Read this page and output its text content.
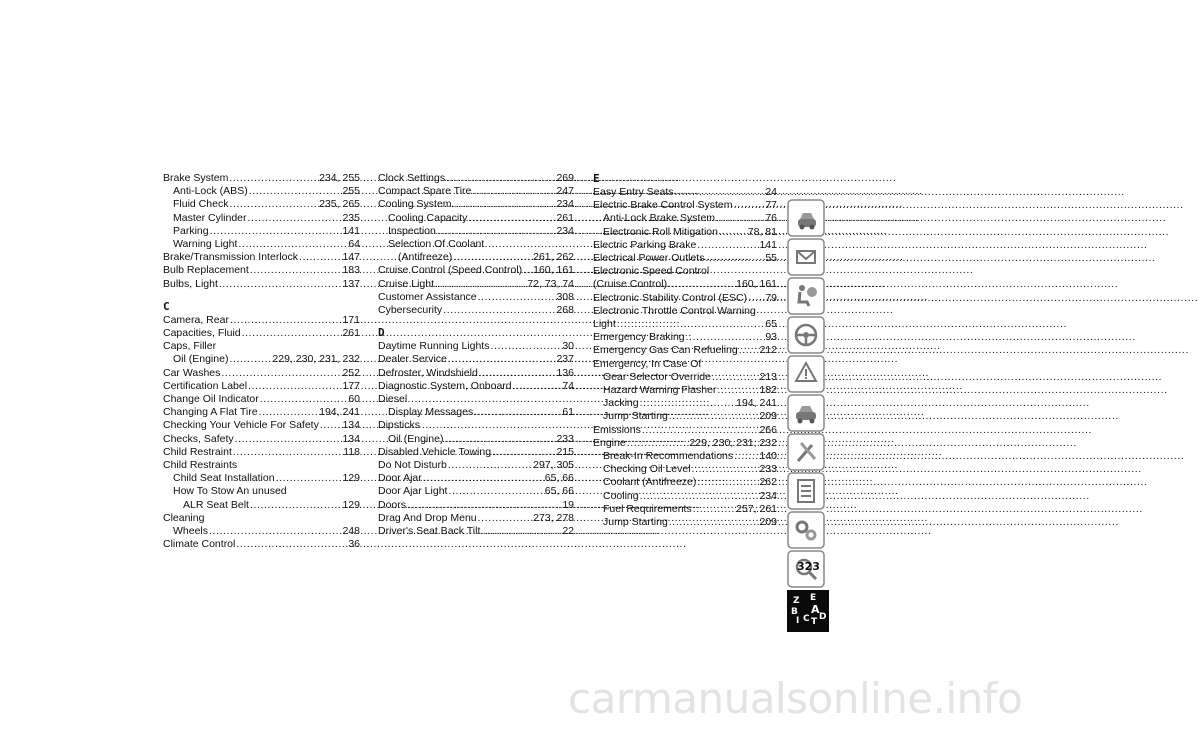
Brake System .....	234, 255
Anti-Lock (ABS) .....	255
Fluid Check .....	235, 265
Master Cylinder .....	235
Parking .....	141
Warning Light .....	64
Brake/Transmission Interlock .....	147
Bulb Replacement .....	183
Bulbs, Light .....	137
C
Camera, Rear .....	171
Capacities, Fluid .....	261
Caps, Filler
Oil (Engine) .....	229, 230, 231, 232
Car Washes .....	252
Certification Label .....	177
Change Oil Indicator .....	60
Changing A Flat Tire .....	194, 241
Checking Your Vehicle For Safety ..... 134
Checks, Safety .....	134
Child Restraint .....	118
Child Restraints
Child Seat Installation .....	129
How To Stow An unused
ALR Seat Belt .....	129
Cleaning
Wheels .....	248
Climate Control .....	36
Clock Settings .....	269
Compact Spare Tire .....	247
Cooling System .....	234
Cooling Capacity .....	261
Inspection .....	234
Selection Of Coolant
(Antifreeze) .....	261, 262
Cruise Control (Speed Control) ..... 160, 161
Cruise Light .....	72, 73, 74
Customer Assistance .....	308
Cybersecurity .....	268
D
Daytime Running Lights .....	30
Dealer Service .....	237
Defroster, Windshield .....	136
Diagnostic System, Onboard .....	74
Diesel
Display Messages .....	61
Dipsticks
Oil (Engine) .....	233
Disabled Vehicle Towing .....	215
Do Not Disturb .....	297, 305
Door Ajar .....	65, 66
Door Ajar Light .....	65, 66
Doors .....	19
Drag And Drop Menu .....	273, 278
Driver's Seat Back Tilt .....	22
E
Easy Entry Seats .....	24
Electric Brake Control System .....	77
Anti-Lock Brake System .....	76
Electronic Roll Mitigation .....	78, 81
Electric Parking Brake .....	141
Electrical Power Outlets .....	55
Electronic Speed Control
(Cruise Control) .....	160, 161
Electronic Stability Control (ESC) ..... 79
Electronic Throttle Control Warning
Light .....	65
Emergency Braking .....	93
Emergency Gas Can Refueling ..... 212
Emergency, In Case Of
Gear Selector Override .....	213
Hazard Warning Flasher .....	182
Jacking .....	194, 241
Jump Starting .....	209
Emissions .....	266
Engine .....	229, 230, 231, 232
Break-In Recommendations .....	140
Checking Oil Level .....	233
Coolant (Antifreeze) .....	262
Cooling .....	234
Fuel Requirements .....	257, 261
Jump Starting .....	209
Z E
A
B
C
I T D
323
carmanualsonline.info
